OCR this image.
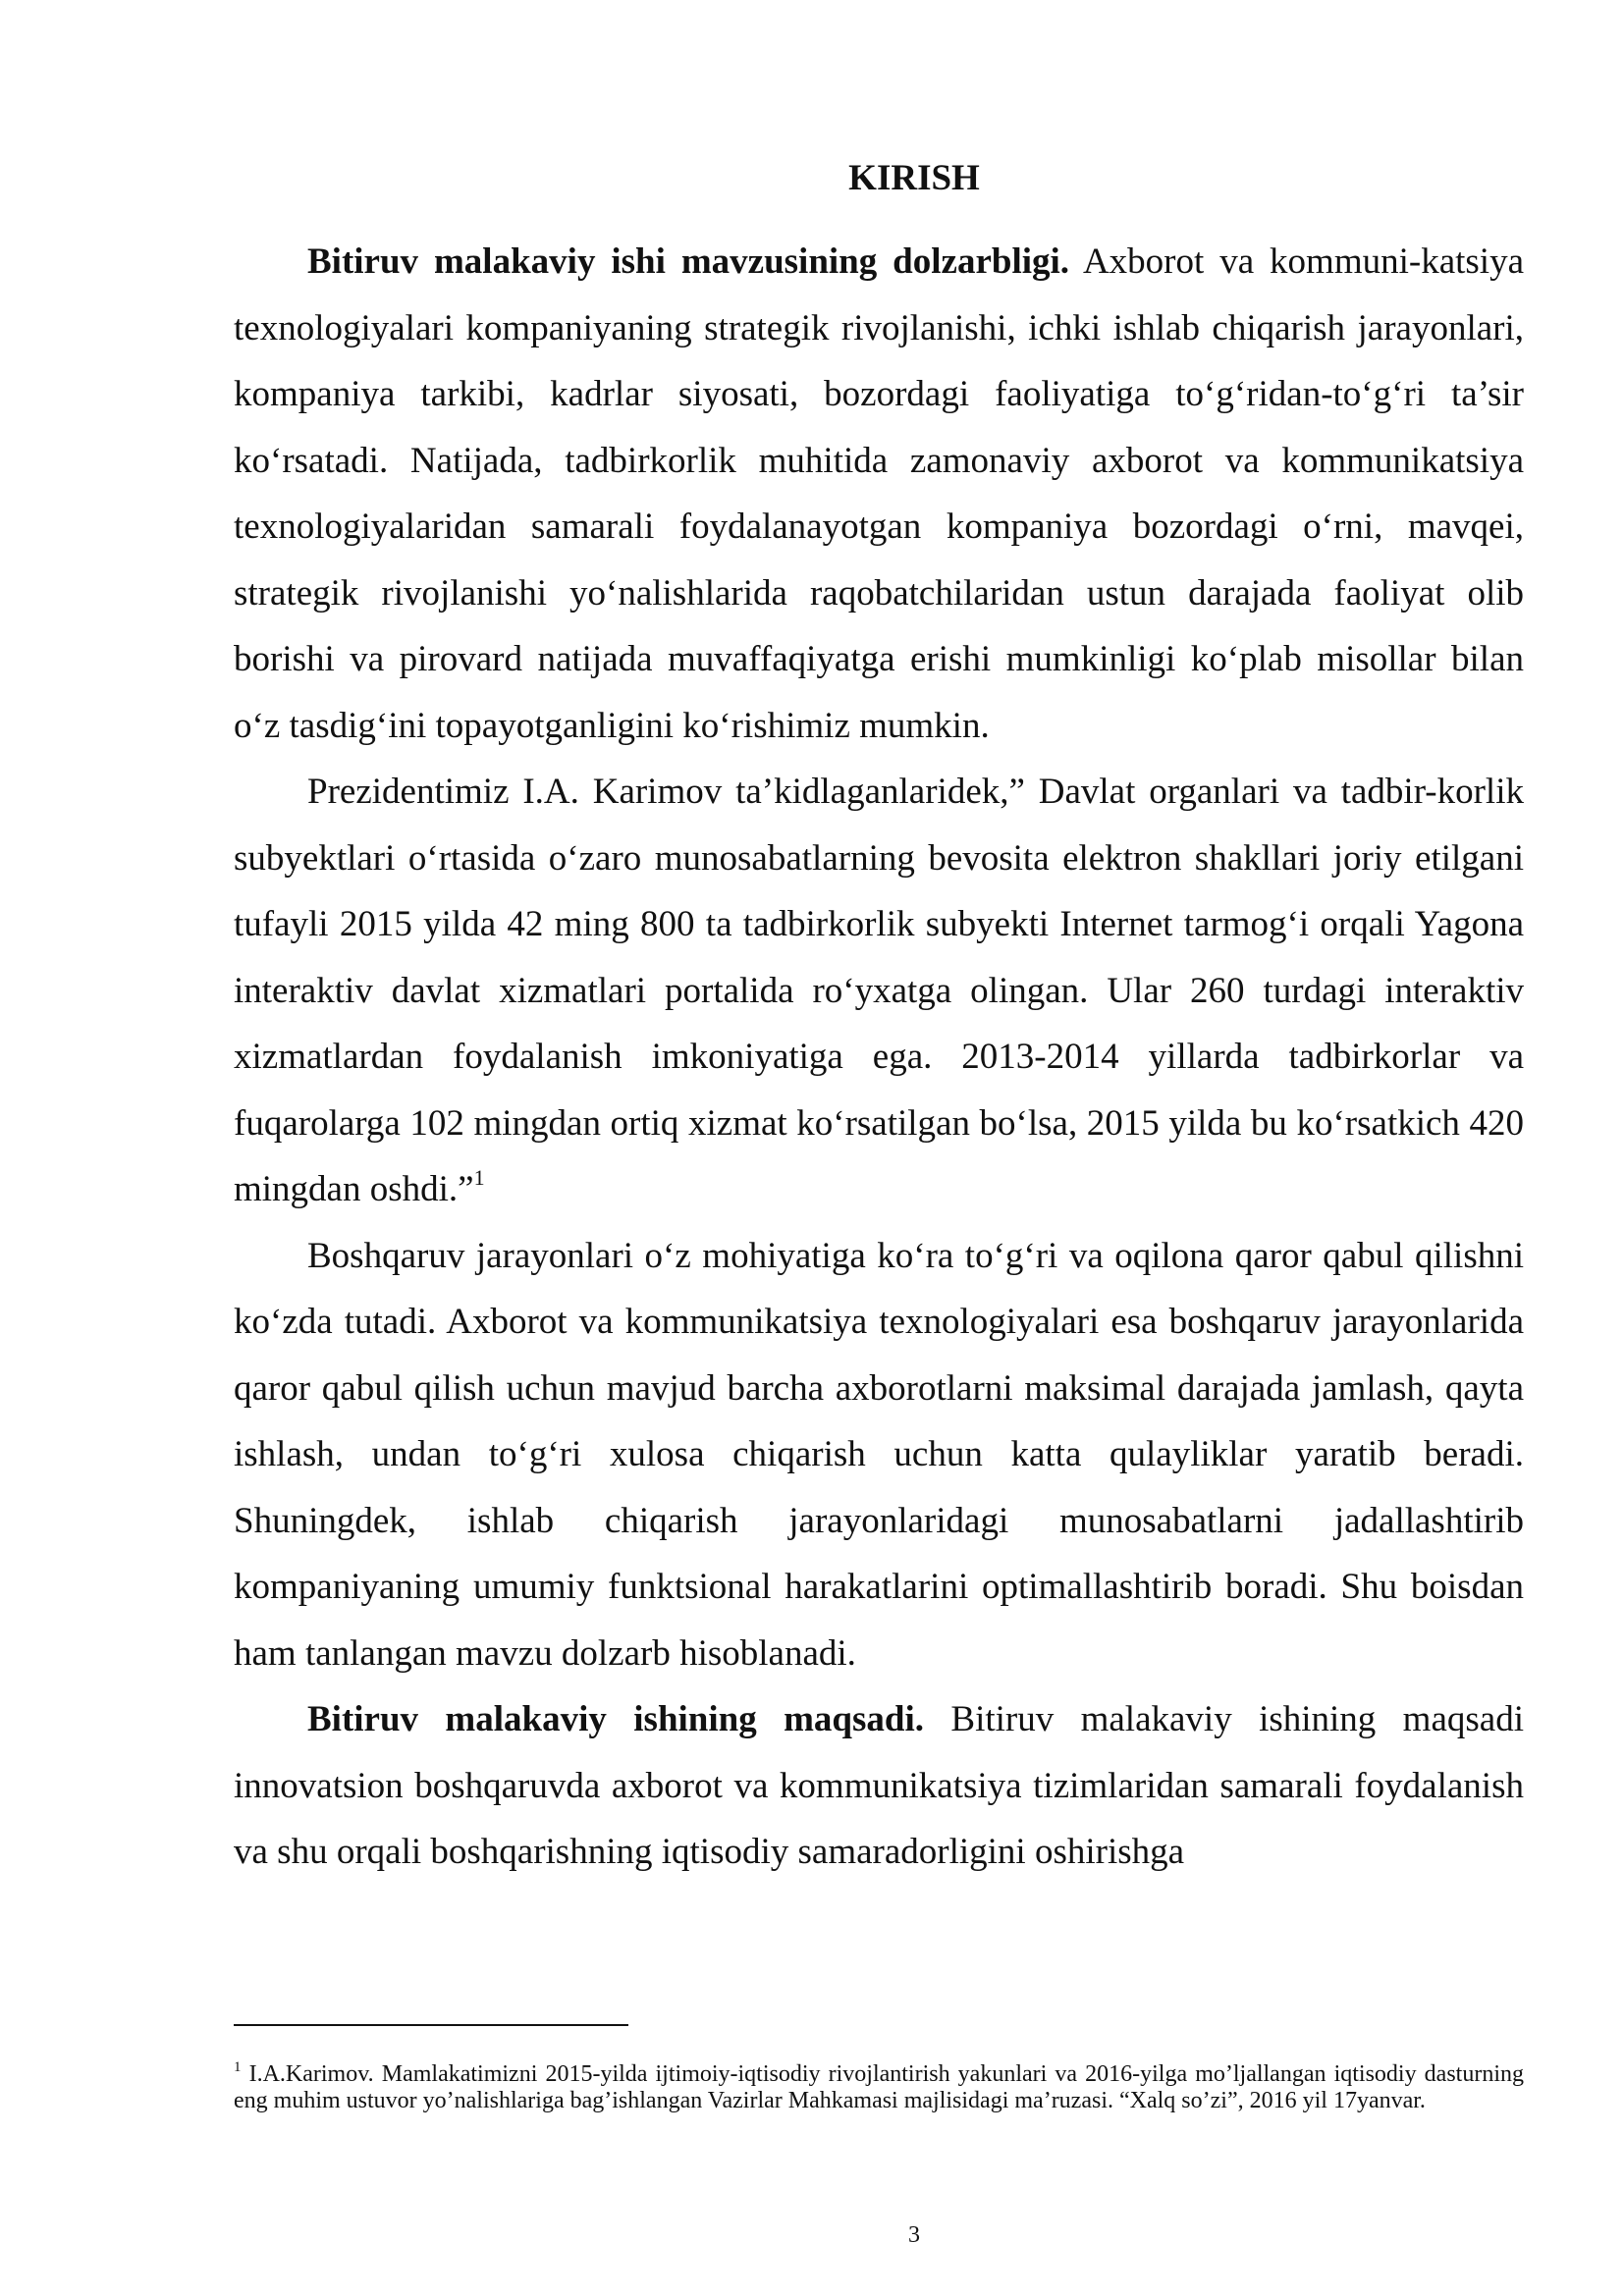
KIRISH

Bitiruv malakaviy ishi mavzusining dolzarbligi. Axborot va kommuni-katsiya texnologiyalari kompaniyaning strategik rivojlanishi, ichki ishlab chiqarish jarayonlari, kompaniya tarkibi, kadrlar siyosati, bozordagi faoliyatiga to‘g‘ridan-to‘g‘ri ta’sir ko‘rsatadi. Natijada, tadbirkorlik muhitida zamonaviy axborot va kommunikatsiya texnologiyalaridan samarali foydalanayotgan kompaniya bozordagi o‘rni, mavqei, strategik rivojlanishi yo‘nalishlarida raqobatchilaridan ustun darajada faoliyat olib borishi va pirovard natijada muvaffaqiyatga erishi mumkinligi ko‘plab misollar bilan o‘z tasdig‘ini topayotganligini ko‘rishimiz mumkin.

Prezidentimiz I.A. Karimov ta’kidlaganlaridek,” Davlat organlari va tadbir-korlik subyektlari o‘rtasida o‘zaro munosabatlarning bevosita elektron shakllari joriy etilgani tufayli 2015 yilda 42 ming 800 ta tadbirkorlik subyekti Internet tarmog‘i orqali Yagona interaktiv davlat xizmatlari portalida ro‘yxatga olingan. Ular 260 turdagi interaktiv xizmatlardan foydalanish imkoniyatiga ega. 2013-2014 yillarda tadbirkorlar va fuqarolarga 102 mingdan ortiq xizmat ko‘rsatilgan bo‘lsa, 2015 yilda bu ko‘rsatkich 420 mingdan oshdi.”$^1$

Boshqaruv jarayonlari o‘z mohiyatiga ko‘ra to‘g‘ri va oqilona qaror qabul qilishni ko‘zda tutadi. Axborot va kommunikatsiya texnologiyalari esa boshqaruv jarayonlarida qaror qabul qilish uchun mavjud barcha axborotlarni maksimal darajada jamlash, qayta ishlash, undan to‘g‘ri xulosa chiqarish uchun katta qulayliklar yaratib beradi. Shuningdek, ishlab chiqarish jarayonlaridagi munosabatlarni jadallashtirib kompaniyaning umumiy funktsional harakatlarini optimallashtirib boradi. Shu boisdan ham tanlangan mavzu dolzarb hisoblanadi.

Bitiruv malakaviy ishining maqsadi. Bitiruv malakaviy ishining maqsadi innovatsion boshqaruvda axborot va kommunikatsiya tizimlaridan samarali foydalanish va shu orqali boshqarishning iqtisodiy samaradorligini oshirishga

$^1$ I.A.Karimov. Mamlakatimizni 2015-yilda ijtimoiy-iqtisodiy rivojlantirish yakunlari va 2016-yilga mo’ljallangan iqtisodiy dasturning eng muhim ustuvor yo’nalishlariga bag’ishlangan Vazirlar Mahkamasi majlisidagi ma’ruzasi. “Xalq so’zi”, 2016 yil 17yanvar.
3
